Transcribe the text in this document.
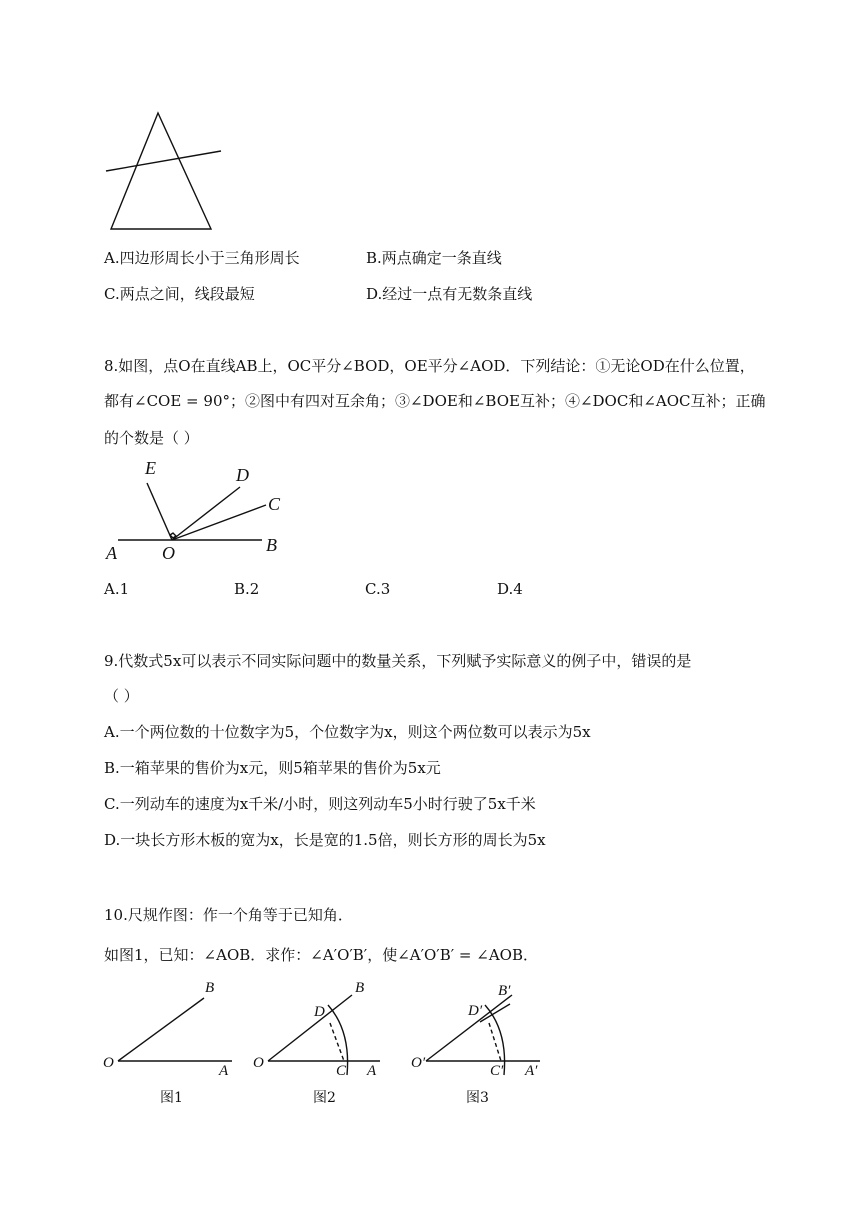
A.四边形周长小于三角形周长	B.两点确定一条直线
C.两点之间，线段最短	D.经过一点有无数条直线
8.如图，点O在直线AB上，OC平分∠BOD，OE平分∠AOD．下列结论：①无论OD在什么位置，
都有∠COE = 90°；②图中有四对互余角；③∠DOE和∠BOE互补；④∠DOC和∠AOC互补；正确
的个数是（ ）
E	D
C
A	O	B
A.1	B.2	C.3	D.4
9.代数式5x可以表示不同实际问题中的数量关系，下列赋予实际意义的例子中，错误的是
（ ）
A.一个两位数的十位数字为5，个位数字为x，则这个两位数可以表示为5x
B.一箱苹果的售价为x元，则5箱苹果的售价为5x元
C.一列动车的速度为x千米/小时，则这列动车5小时行驶了5x千米
D.一块长方形木板的宽为x，长是宽的1.5倍，则长方形的周长为5x
10.尺规作图：作一个角等于已知角．
如图1，已知：∠AOB．求作：∠A′O′B′，使∠A′O′B′ = ∠AOB．
B
O	A
图1
B
D
O	C A
图2
B′
D′
O′	C′ A′
图3
